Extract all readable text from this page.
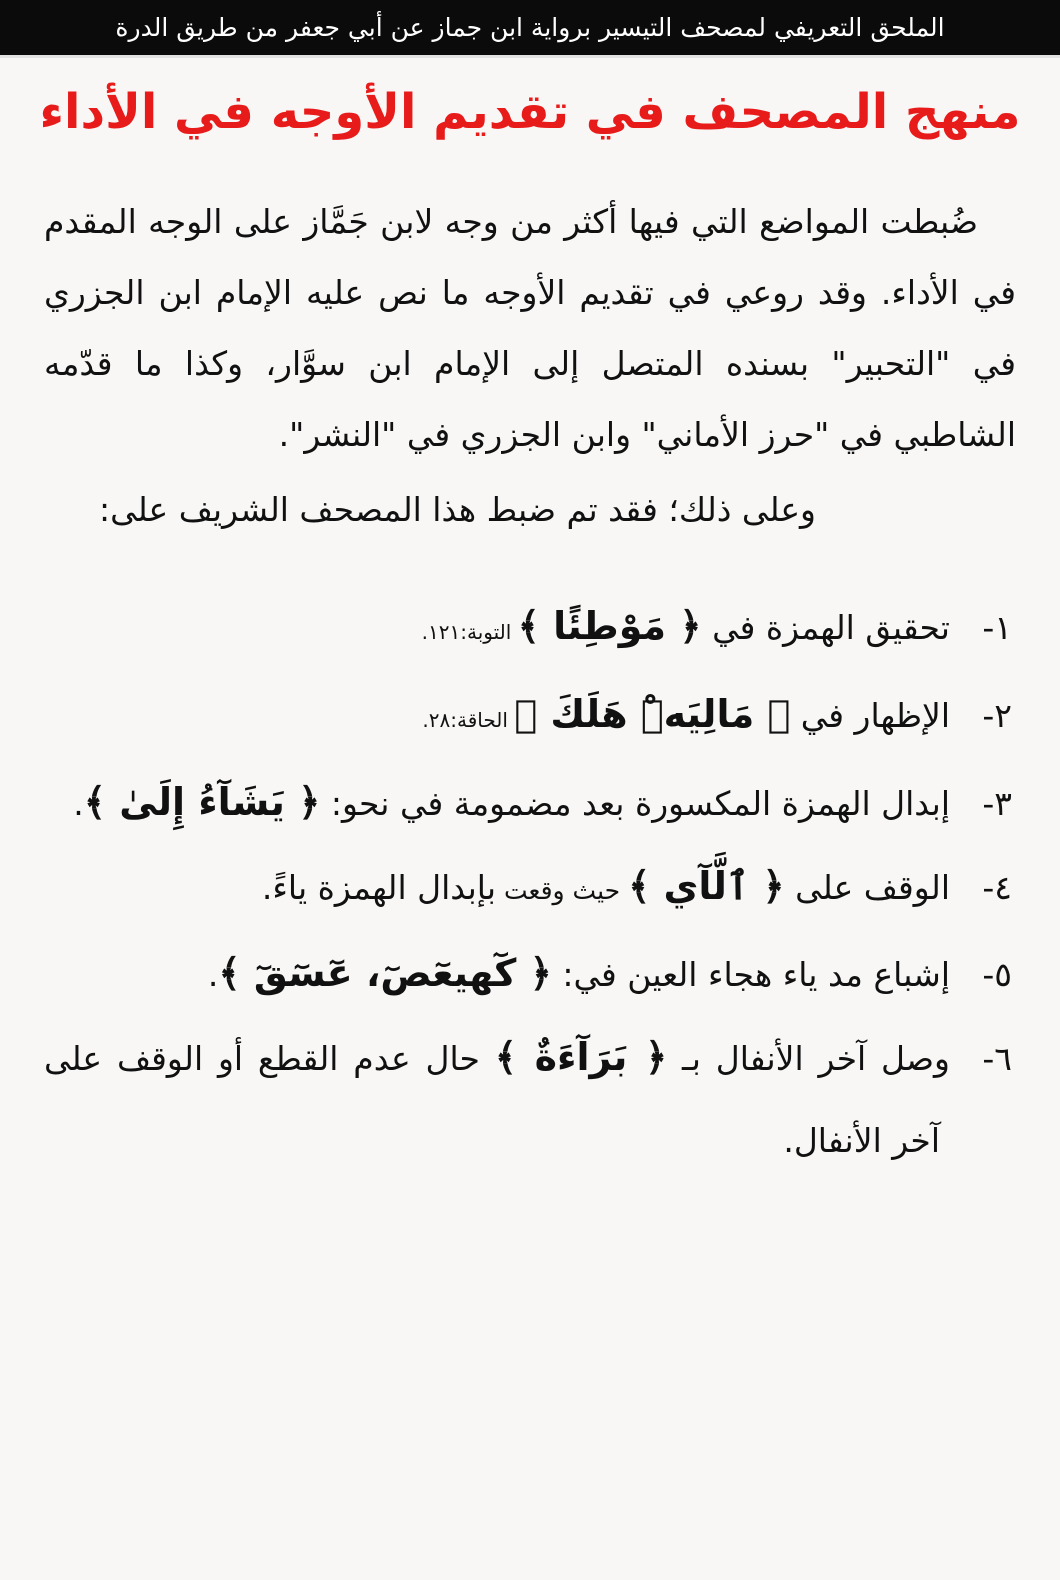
الملحق التعريفي لمصحف التيسير برواية ابن جماز عن أبي جعفر من طريق الدرة
منهج المصحف في تقديم الأوجه في الأداء

ضُبطت المواضع التي فيها أكثر من وجه لابن جَمَّاز على الوجه المقدم في الأداء. وقد روعي في تقديم الأوجه ما نص عليه الإمام ابن الجزري في "التحبير" بسنده المتصل إلى الإمام ابن سوَّار، وكذا ما قدّمه الشاطبي في "حرز الأماني" وابن الجزري في "النشر".

وعلى ذلك؛ فقد تم ضبط هذا المصحف الشريف على:

١-تحقيق الهمزة في ﴿ مَوْطِئًا ﴾ التوبة:١٢١.
٢-الإظهار في ﴿ مَالِيَهْۜ هَلَكَ ﴾ الحاقة:٢٨.
٣-إبدال الهمزة المكسورة بعد مضمومة في نحو: ﴿ يَشَآءُ إِلَىٰ ﴾.
٤-الوقف على ﴿ ٱلَّآي ﴾ حيث وقعت بإبدال الهمزة ياءً.
٥-إشباع مد ياء هجاء العين في: ﴿ كٓهيعٓصٓ، عٓسٓقٓ ﴾.
٦-وصل آخر الأنفال بـ ﴿ بَرَآءَةٌ ﴾ حال عدم القطع أو الوقف على آخر الأنفال.
